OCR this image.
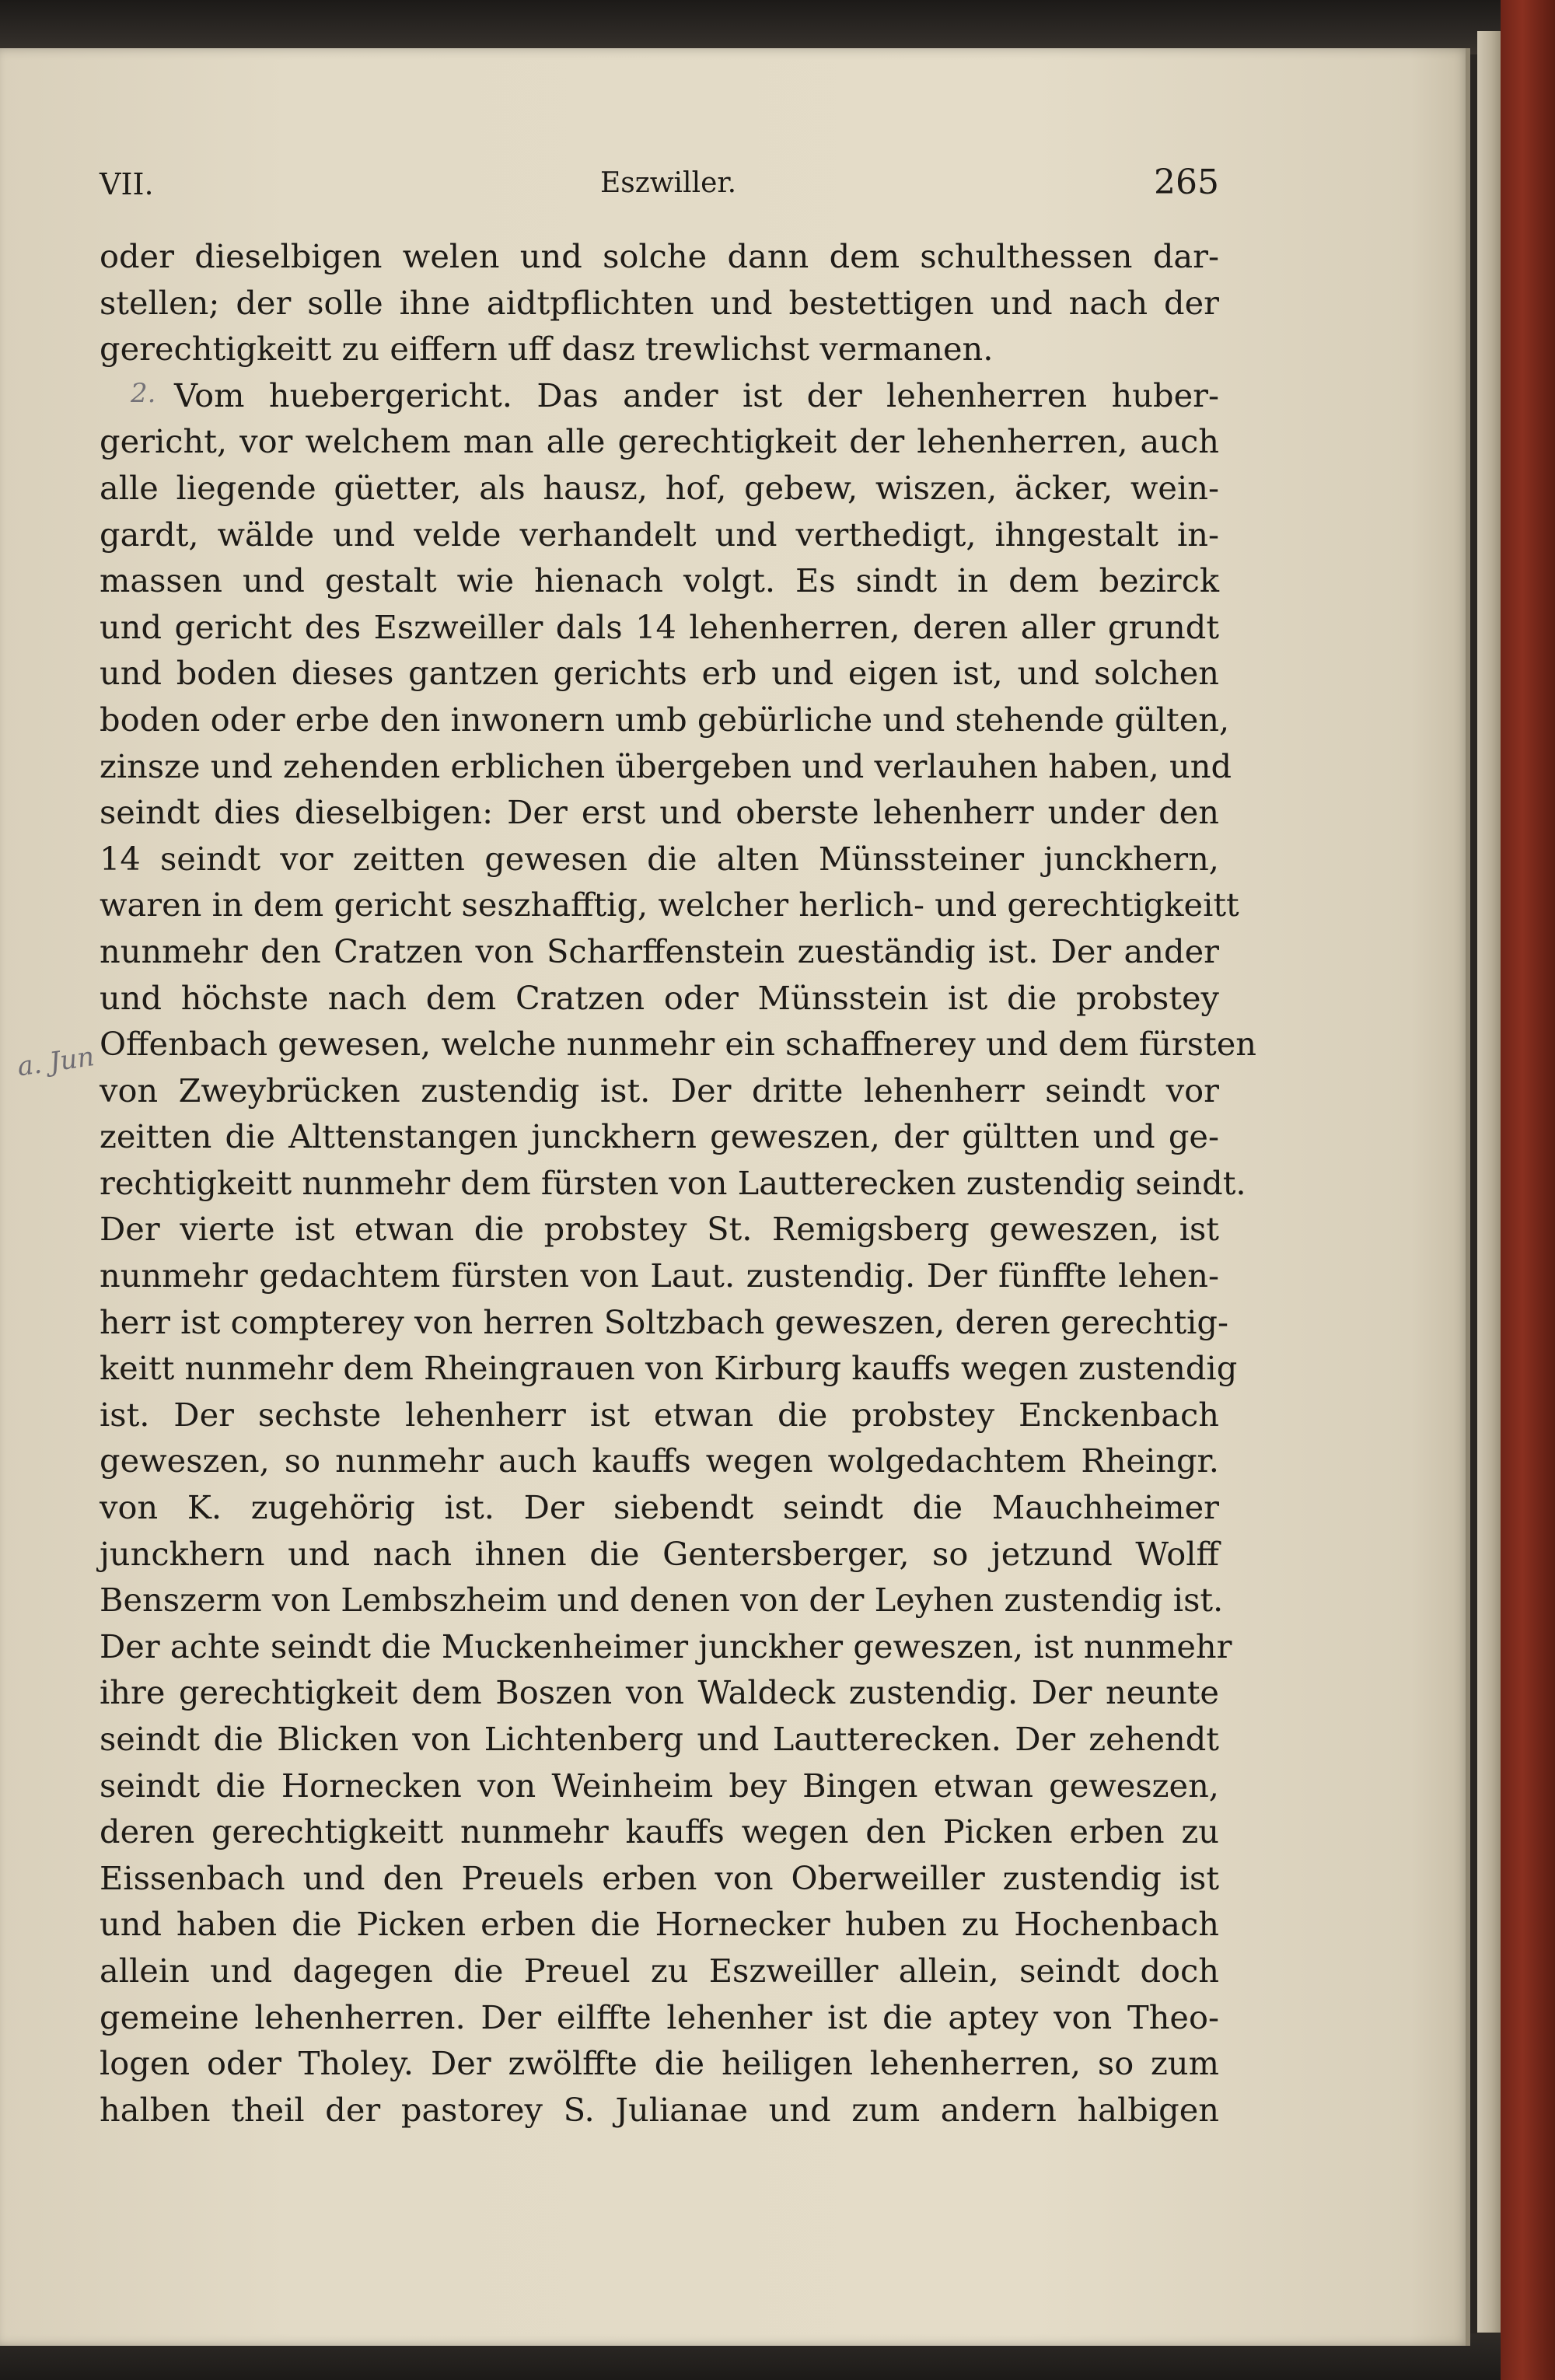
VII.	Eszwiller.	265
2.
a. Jun
oder dieselbigen welen und solche dann dem schulthessen dar-
stellen; der solle ihne aidtpflichten und bestettigen und nach der
gerechtigkeitt zu eiffern uff dasz trewlichst vermanen.
Vom huebergericht. Das ander ist der lehenherren huber-
gericht, vor welchem man alle gerechtigkeit der lehenherren, auch
alle liegende güetter, als hausz, hof, gebew, wiszen, äcker, wein-
gardt, wälde und velde verhandelt und verthedigt, ihngestalt in-
massen und gestalt wie hienach volgt. Es sindt in dem bezirck
und gericht des Eszweiller dals 14 lehenherren, deren aller grundt
und boden dieses gantzen gerichts erb und eigen ist, und solchen
boden oder erbe den inwonern umb gebürliche und stehende gülten,
zinsze und zehenden erblichen übergeben und verlauhen haben, und
seindt dies dieselbigen: Der erst und oberste lehenherr under den
14 seindt vor zeitten gewesen die alten Münssteiner junckhern,
waren in dem gericht seszhafftig, welcher herlich- und gerechtigkeitt
nunmehr den Cratzen von Scharffenstein zueständig ist. Der ander
und höchste nach dem Cratzen oder Münsstein ist die probstey
Offenbach gewesen, welche nunmehr ein schaffnerey und dem fürsten
von Zweybrücken zustendig ist. Der dritte lehenherr seindt vor
zeitten die Alttenstangen junckhern geweszen, der gültten und ge-
rechtigkeitt nunmehr dem fürsten von Lautterecken zustendig seindt.
Der vierte ist etwan die probstey St. Remigsberg geweszen, ist
nunmehr gedachtem fürsten von Laut. zustendig. Der fünffte lehen-
herr ist compterey von herren Soltzbach geweszen, deren gerechtig-
keitt nunmehr dem Rheingrauen von Kirburg kauffs wegen zustendig
ist. Der sechste lehenherr ist etwan die probstey Enckenbach
geweszen, so nunmehr auch kauffs wegen wolgedachtem Rheingr.
von K. zugehörig ist. Der siebendt seindt die Mauchheimer
junckhern und nach ihnen die Gentersberger, so jetzund Wolff
Benszerm von Lembszheim und denen von der Leyhen zustendig ist.
Der achte seindt die Muckenheimer junckher geweszen, ist nunmehr
ihre gerechtigkeit dem Boszen von Waldeck zustendig. Der neunte
seindt die Blicken von Lichtenberg und Lautterecken. Der zehendt
seindt die Hornecken von Weinheim bey Bingen etwan geweszen,
deren gerechtigkeitt nunmehr kauffs wegen den Picken erben zu
Eissenbach und den Preuels erben von Oberweiller zustendig ist
und haben die Picken erben die Hornecker huben zu Hochenbach
allein und dagegen die Preuel zu Eszweiller allein, seindt doch
gemeine lehenherren. Der eilffte lehenher ist die aptey von Theo-
logen oder Tholey. Der zwölffte die heiligen lehenherren, so zum
halben theil der pastorey S. Julianae und zum andern halbigen
